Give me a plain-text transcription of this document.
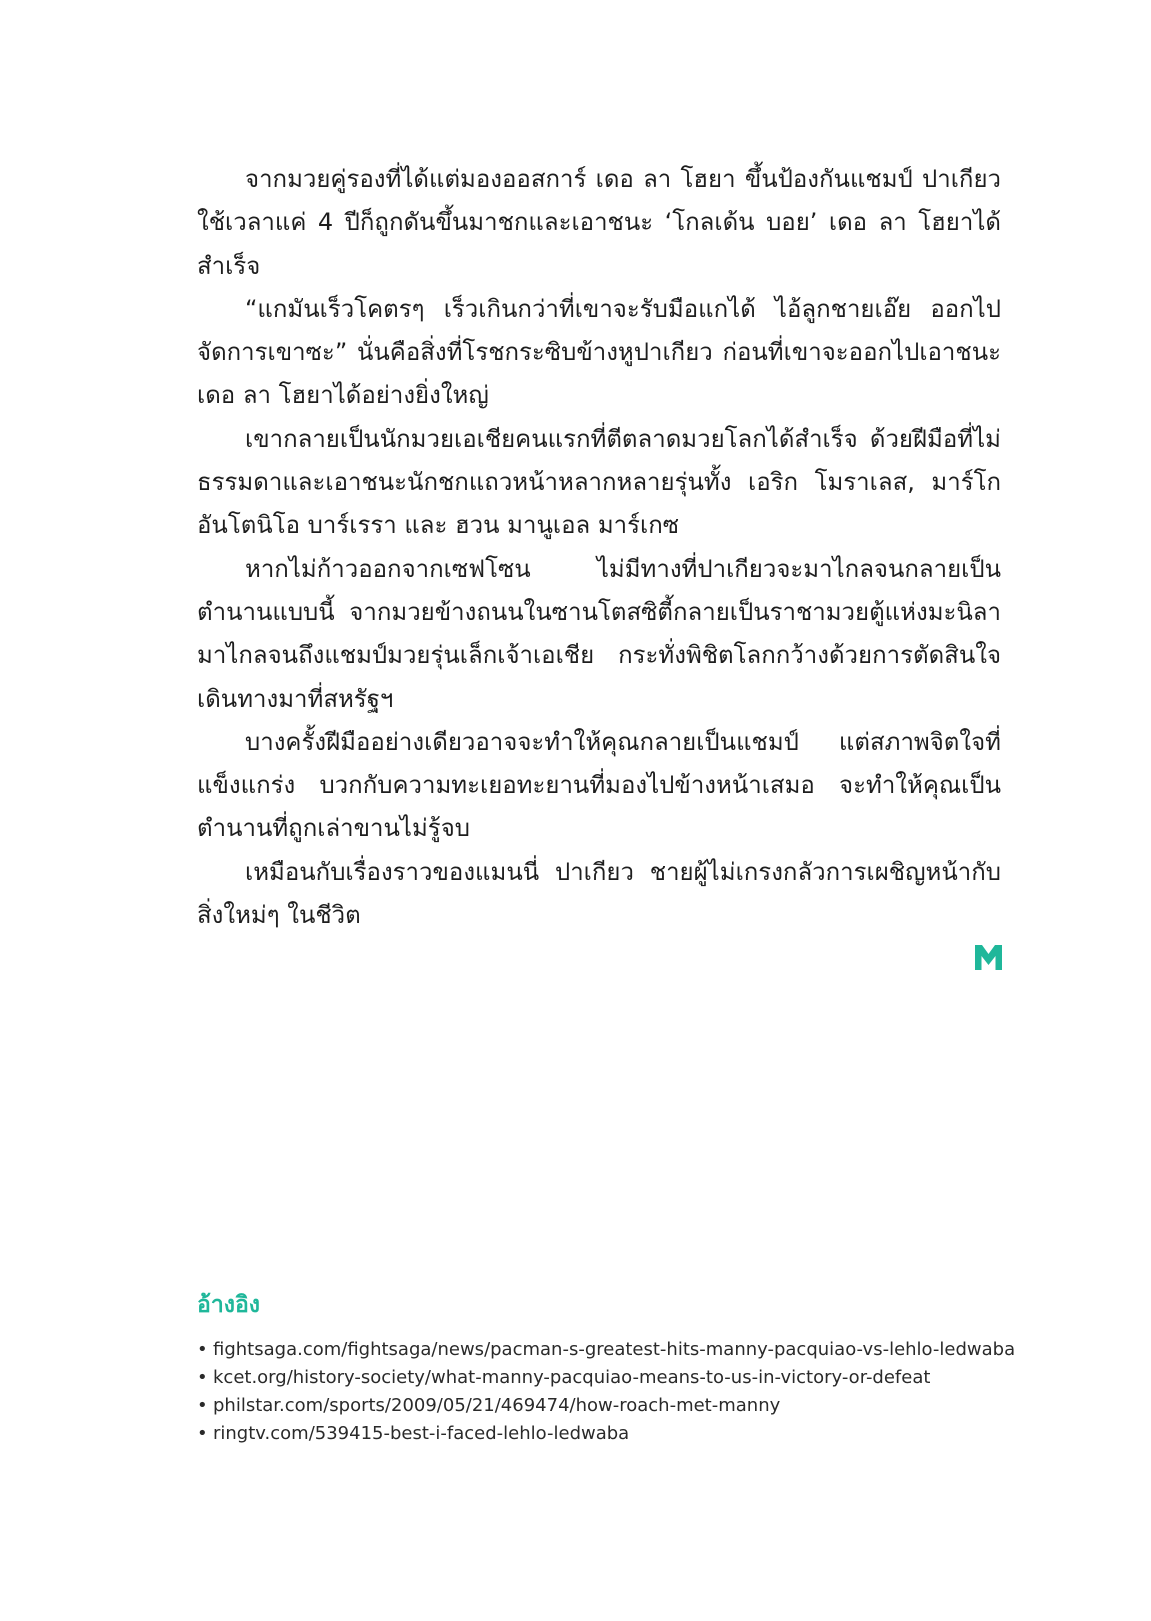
จากมวยคู่รองที่ได้แต่มองออสการ์ เดอ ลา โฮยา ขึ้นป้องกันแชมป์ ปาเกียวใช้เวลาแค่ 4 ปีก็ถูกดันขึ้นมาชกและเอาชนะ ‘โกลเด้น บอย’ เดอ ลา โฮยาได้สำเร็จ

“แกมันเร็วโคตรๆ เร็วเกินกว่าที่เขาจะรับมือแกได้ ไอ้ลูกชายเอ๊ย ออกไปจัดการเขาซะ” นั่นคือสิ่งที่โรชกระซิบข้างหูปาเกียว ก่อนที่เขาจะออกไปเอาชนะเดอ ลา โฮยาได้อย่างยิ่งใหญ่

เขากลายเป็นนักมวยเอเชียคนแรกที่ตีตลาดมวยโลกได้สำเร็จ ด้วยฝีมือที่ไม่ธรรมดาและเอาชนะนักชกแถวหน้าหลากหลายรุ่นทั้ง เอริก โมราเลส, มาร์โก อันโตนิโอ บาร์เรรา และ ฮวน มานูเอล มาร์เกซ

หากไม่ก้าวออกจากเซฟโซน ไม่มีทางที่ปาเกียวจะมาไกลจนกลายเป็นตำนานแบบนี้ จากมวยข้างถนนในซานโตสซิตี้กลายเป็นราชามวยตู้แห่งมะนิลา มาไกลจนถึงแชมป์มวยรุ่นเล็กเจ้าเอเชีย กระทั่งพิชิตโลกกว้างด้วยการตัดสินใจเดินทางมาที่สหรัฐฯ

บางครั้งฝีมืออย่างเดียวอาจจะทำให้คุณกลายเป็นแชมป์ แต่สภาพจิตใจที่แข็งแกร่ง บวกกับความทะเยอทะยานที่มองไปข้างหน้าเสมอ จะทำให้คุณเป็นตำนานที่ถูกเล่าขานไม่รู้จบ

เหมือนกับเรื่องราวของแมนนี่ ปาเกียว ชายผู้ไม่เกรงกลัวการเผชิญหน้ากับสิ่งใหม่ๆ ในชีวิต

อ้างอิง
• fightsaga.com/fightsaga/news/pacman-s-greatest-hits-manny-pacquiao-vs-lehlo-ledwaba
• kcet.org/history-society/what-manny-pacquiao-means-to-us-in-victory-or-defeat
• philstar.com/sports/2009/05/21/469474/how-roach-met-manny
• ringtv.com/539415-best-i-faced-lehlo-ledwaba
